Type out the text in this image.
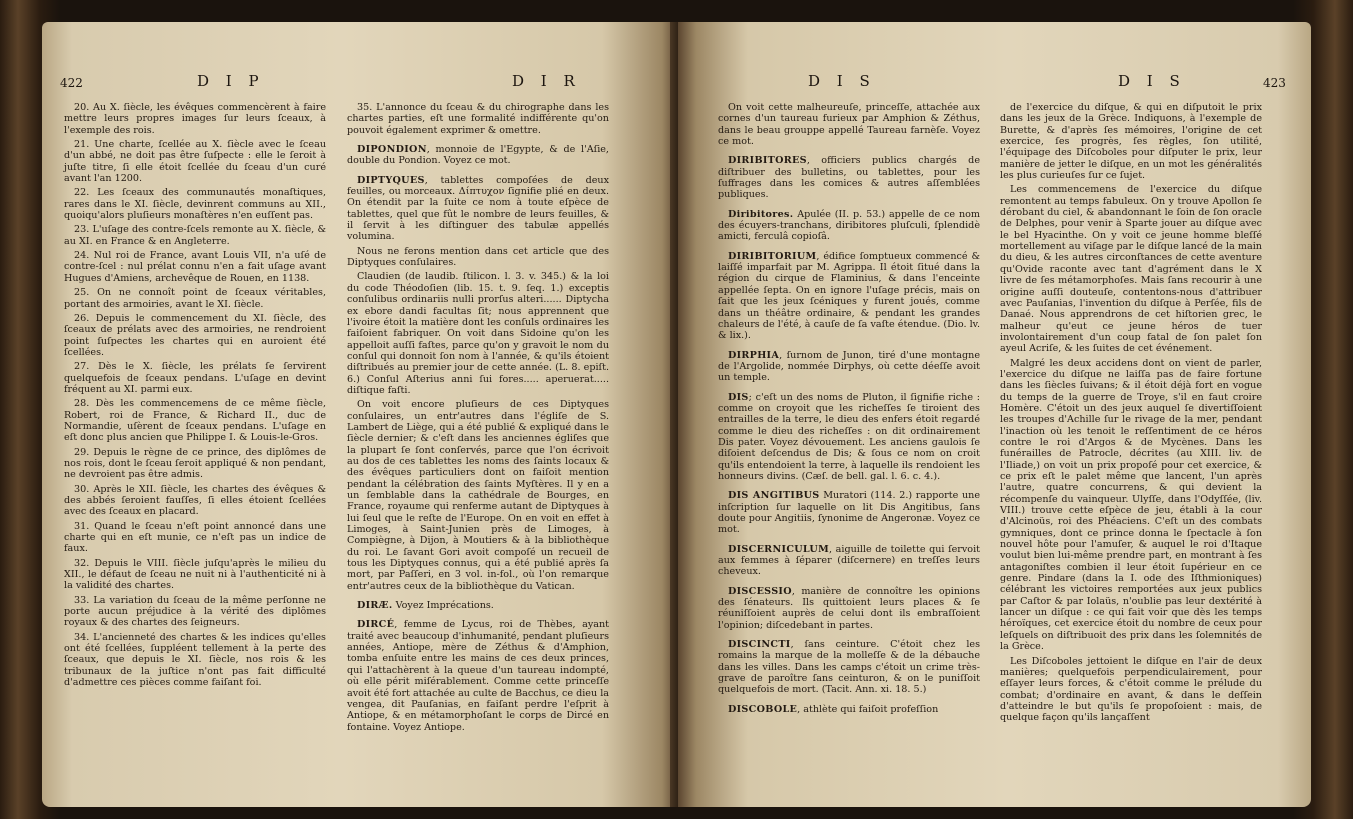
422	D I P	D I R

20. Au X. ſiècle, les évêques commencèrent à faire mettre leurs propres images ſur leurs ſceaux, à l'exemple des rois.

21. Une charte, ſcellée au X. ſiècle avec le ſceau d'un abbé, ne doit pas être ſuſpecte : elle le ſeroit à juſte titre, ſi elle étoit ſcellée du ſceau d'un curé avant l'an 1200.

22. Les ſceaux des communautés monaſtiques, rares dans le XI. ſiècle, devinrent communs au XII., quoiqu'alors pluſieurs monaſtères n'en euſſent pas.

23. L'uſage des contre-ſcels remonte au X. ſiècle, & au XI. en France & en Angleterre.

24. Nul roi de France, avant Louis VII, n'a uſé de contre-ſcel : nul prélat connu n'en a fait uſage avant Hugues d'Amiens, archevêque de Rouen, en 1138.

25. On ne connoît point de ſceaux véritables, portant des armoiries, avant le XI. ſiècle.

26. Depuis le commencement du XI. ſiècle, des ſceaux de prélats avec des armoiries, ne rendroient point ſuſpectes les chartes qui en auroient été ſcellées.

27. Dès le X. ſiècle, les prélats ſe ſervirent quelquefois de ſceaux pendans. L'uſage en devint fréquent au XI. parmi eux.

28. Dès les commencemens de ce même ſiècle, Robert, roi de France, & Richard II., duc de Normandie, uſèrent de ſceaux pendans. L'uſage en eſt donc plus ancien que Philippe I. & Louis-le-Gros.

29. Depuis le règne de ce prince, des diplômes de nos rois, dont le ſceau ſeroit appliqué & non pendant, ne devroient pas être admis.

30. Après le XII. ſiècle, les chartes des évêques & des abbés ſeroient fauſſes, ſi elles étoient ſcellées avec des ſceaux en placard.

31. Quand le ſceau n'eſt point annoncé dans une charte qui en eſt munie, ce n'eſt pas un indice de faux.

32. Depuis le VIII. ſiècle juſqu'après le milieu du XII., le défaut de ſceau ne nuit ni à l'authenticité ni à la validité des chartes.

33. La variation du ſceau de la même perſonne ne porte aucun préjudice à la vérité des diplômes royaux & des chartes des ſeigneurs.

34. L'ancienneté des chartes & les indices qu'elles ont été ſcellées, ſuppléent tellement à la perte des ſceaux, que depuis le XI. ſiècle, nos rois & les tribunaux de la juſtice n'ont pas fait difficulté d'admettre ces pièces comme faiſant foi.

35. L'annonce du ſceau & du chirographe dans les chartes parties, eſt une formalité indifférente qu'on pouvoit également exprimer & omettre.

DIPONDION, monnoie de l'Egypte, & de l'Aſie, double du Pondion. Voyez ce mot.

DIPTYQUES, tablettes compoſées de deux feuilles, ou morceaux. Δίπτυχον ſignifie plié en deux. On étendit par la ſuite ce nom à toute eſpèce de tablettes, quel que fût le nombre de leurs feuilles, & il ſervit à les diſtinguer des tabulæ appellés volumina.

Nous ne ferons mention dans cet article que des Diptyques conſulaires.

Claudien (de laudib. ſtilicon. l. 3. v. 345.) & la loi du code Théodoſien (lib. 15. t. 9. ſeq. 1.) exceptis conſulibus ordinariis nulli prorſus alteri...... Diptycha ex ebore dandi facultas ſit; nous apprennent que l'ivoire étoit la matière dont les conſuls ordinaires les faiſoient fabriquer. On voit dans Sidoine qu'on les appelloit auſſi faſtes, parce qu'on y gravoit le nom du conſul qui donnoit ſon nom à l'année, & qu'ils étoient diſtribués au premier jour de cette année. (L. 8. epiſt. 6.) Conſul Aſterius anni ſui fores..... aperuerat..... diſtique faſti.

On voit encore pluſieurs de ces Diptyques conſulaires, un entr'autres dans l'égliſe de S. Lambert de Liège, qui a été publié & expliqué dans le ſiècle dernier; & c'eſt dans les anciennes égliſes que la plupart ſe ſont conſervés, parce que l'on écrivoit au dos de ces tablettes les noms des ſaints locaux & des évêques particuliers dont on faiſoit mention pendant la célébration des ſaints Myſtères. Il y en a un ſemblable dans la cathédrale de Bourges, en France, royaume qui renferme autant de Diptyques à lui ſeul que le reſte de l'Europe. On en voit en effet à Limoges, à Saint-Junien près de Limoges, à Compiègne, à Dijon, à Moutiers & à la bibliothèque du roi. Le ſavant Gori avoit compoſé un recueil de tous les Diptyques connus, qui a été publié après ſa mort, par Paſſeri, en 3 vol. in-fol., où l'on remarque entr'autres ceux de la bibliothèque du Vatican.

DIRÆ. Voyez Imprécations.

DIRCÉ, femme de Lycus, roi de Thèbes, ayant traité avec beaucoup d'inhumanité, pendant pluſieurs années, Antiope, mère de Zéthus & d'Amphion, tomba enſuite entre les mains de ces deux princes, qui l'attachèrent à la queue d'un taureau indompté, où elle périt miſérablement. Comme cette princeſſe avoit été fort attachée au culte de Bacchus, ce dieu la vengea, dit Pauſanias, en faiſant perdre l'eſprit à Antiope, & en métamorphoſant le corps de Dircé en fontaine. Voyez Antiope.

D I S	D I S	423

On voit cette malheureuſe, princeſſe, attachée aux cornes d'un taureau furieux par Amphion & Zéthus, dans le beau grouppe appellé Taureau farnèſe. Voyez ce mot.

DIRIBITORES, officiers publics chargés de diſtribuer des bulletins, ou tablettes, pour les ſuffrages dans les comices & autres aſſemblées publiques.

Diribitores. Apulée (II. p. 53.) appelle de ce nom des écuyers-tranchans, diribitores pluſculi, ſplendidè amicti, ferculâ copioſâ.

DIRIBITORIUM, édifice ſomptueux commencé & laiſſé imparfait par M. Agrippa. Il étoit ſitué dans la région du cirque de Flaminius, & dans l'enceinte appellée ſepta. On en ignore l'uſage précis, mais on ſait que les jeux ſcéniques y furent joués, comme dans un théâtre ordinaire, & pendant les grandes chaleurs de l'été, à cauſe de ſa vaſte étendue. (Dio. lv. & lix.).

DIRPHIA, ſurnom de Junon, tiré d'une montagne de l'Argolide, nommée Dirphys, où cette déeſſe avoit un temple.

DIS; c'eſt un des noms de Pluton, il ſignifie riche : comme on croyoit que les richeſſes ſe tiroient des entrailles de la terre, le dieu des enfers étoit regardé comme le dieu des richeſſes : on dit ordinairement Dis pater. Voyez dévouement. Les anciens gaulois ſe diſoient deſcendus de Dis; & ſous ce nom on croit qu'ils entendoient la terre, à laquelle ils rendoient les honneurs divins. (Cæſ. de bell. gal. l. 6. c. 4.).

DIS ANGITIBUS Muratori (114. 2.) rapporte une inſcription ſur laquelle on lit Dis Angitibus, ſans doute pour Angitiis, ſynonime de Angeronæ. Voyez ce mot.

DISCERNICULUM, aiguille de toilette qui ſervoit aux femmes à ſéparer (diſcernere) en treſſes leurs cheveux.

DISCESSIO, manière de connoître les opinions des ſénateurs. Ils quittoient leurs places & ſe réuniſſoient auprès de celui dont ils embraſſoient l'opinion; diſcedebant in partes.

DISCINCTI, ſans ceinture. C'étoit chez les romains la marque de la molleſſe & de la débauche dans les villes. Dans les camps c'étoit un crime très-grave de paroître ſans ceinturon, & on le puniſſoit quelquefois de mort. (Tacit. Ann. xi. 18. 5.)

DISCOBOLE, athlète qui faiſoit profeſſion

de l'exercice du diſque, & qui en diſputoit le prix dans les jeux de la Grèce. Indiquons, à l'exemple de Burette, & d'après ſes mémoires, l'origine de cet exercice, ſes progrès, ſes règles, ſon utilité, l'équipage des Diſcoboles pour diſputer le prix, leur manière de jetter le diſque, en un mot les généralités les plus curieuſes ſur ce ſujet.

Les commencemens de l'exercice du diſque remontent au temps fabuleux. On y trouve Apollon ſe dérobant du ciel, & abandonnant le ſoin de ſon oracle de Delphes, pour venir à Sparte jouer au diſque avec le bel Hyacinthe. On y voit ce jeune homme bleſſé mortellement au viſage par le diſque lancé de la main du dieu, & les autres circonſtances de cette aventure qu'Ovide raconte avec tant d'agrément dans le X livre de ſes métamorphoſes. Mais ſans recourir à une origine auſſi douteuſe, contentons-nous d'attribuer avec Pauſanias, l'invention du diſque à Perſée, fils de Danaé. Nous apprendrons de cet hiſtorien grec, le malheur qu'eut ce jeune héros de tuer involontairement d'un coup fatal de ſon palet ſon ayeul Acriſe, & les ſuites de cet événement.

Malgré les deux accidens dont on vient de parler, l'exercice du diſque ne laiſſa pas de faire fortune dans les ſiècles ſuivans; & il étoit déjà fort en vogue du temps de la guerre de Troye, s'il en faut croire Homère. C'étoit un des jeux auquel ſe divertiſſoient les troupes d'Achille ſur le rivage de la mer, pendant l'inaction où les tenoit le reſſentiment de ce héros contre le roi d'Argos & de Mycènes. Dans les funérailles de Patrocle, décrites (au XIII. liv. de l'Iliade,) on voit un prix propoſé pour cet exercice, & ce prix eſt le palet même que lancent, l'un après l'autre, quatre concurrens, & qui devient la récompenſe du vainqueur. Ulyſſe, dans l'Odyſſée, (liv. VIII.) trouve cette eſpèce de jeu, établi à la cour d'Alcinoüs, roi des Phéaciens. C'eſt un des combats gymniques, dont ce prince donna le ſpectacle à ſon nouvel hôte pour l'amuſer, & auquel le roi d'Itaque voulut bien lui-même prendre part, en montrant à ſes antagoniſtes combien il leur étoit ſupérieur en ce genre. Pindare (dans la I. ode des Iſthmioniques) célébrant les victoires remportées aux jeux publics par Caſtor & par Iolaüs, n'oublie pas leur dextérité à lancer un diſque : ce qui fait voir que dès les temps héroïques, cet exercice étoit du nombre de ceux pour leſquels on diſtribuoit des prix dans les ſolemnités de la Grèce.

Les Diſcoboles jettoient le diſque en l'air de deux manières; quelquefois perpendiculairement, pour eſſayer leurs forces, & c'étoit comme le prélude du combat; d'ordinaire en avant, & dans le deſſein d'atteindre le but qu'ils ſe propoſoient : mais, de quelque façon qu'ils lançaſſent
